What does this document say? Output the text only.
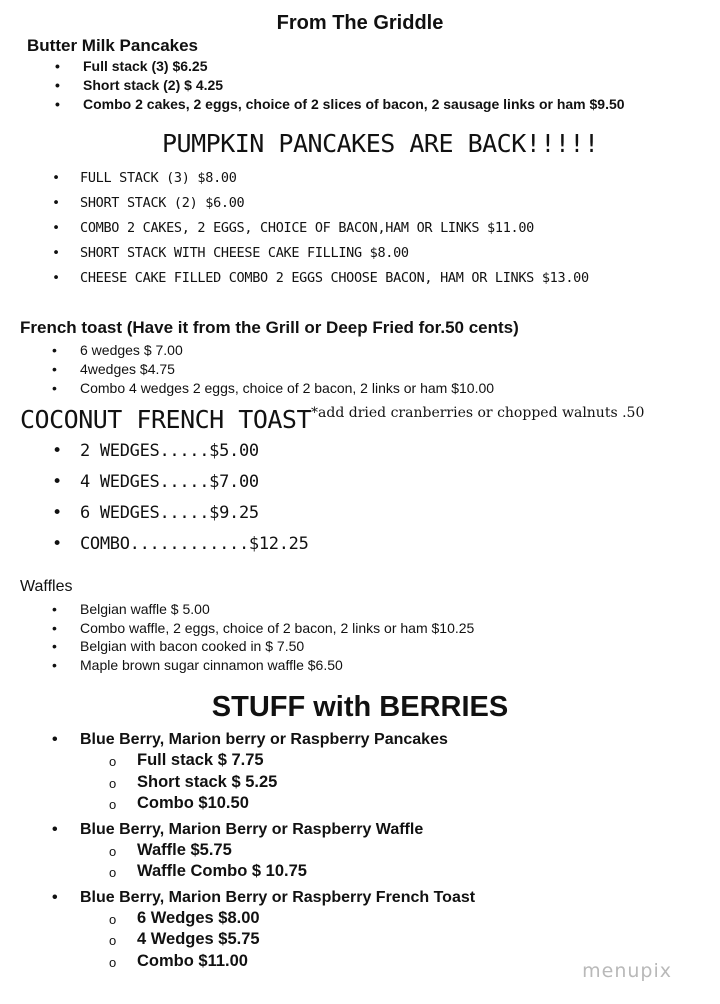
From The Griddle
Butter Milk Pancakes
• Full stack (3) $6.25
• Short stack (2) $ 4.25
• Combo 2 cakes, 2 eggs, choice of 2 slices of bacon, 2 sausage links or ham $9.50
PUMPKIN PANCAKES ARE BACK!!!!!
• FULL STACK (3) $8.00
• SHORT STACK (2) $6.00
• COMBO 2 CAKES, 2 EGGS, CHOICE OF BACON,HAM OR LINKS $11.00
• SHORT STACK WITH CHEESE CAKE FILLING $8.00
• CHEESE CAKE FILLED COMBO 2 EGGS CHOOSE BACON, HAM OR LINKS $13.00
French toast (Have it from the Grill or Deep Fried for.50 cents)
• 6 wedges $ 7.00
• 4wedges $4.75
• Combo 4 wedges 2 eggs, choice of 2 bacon, 2 links or ham $10.00
COCONUT FRENCH TOAST$^{*add dried cranberries or chopped walnuts .50}$
• 2 WEDGES.....$5.00
• 4 WEDGES.....$7.00
• 6 WEDGES.....$9.25
• COMBO............$12.25
Waffles
• Belgian waffle $ 5.00
• Combo waffle, 2 eggs, choice of 2 bacon, 2 links or ham $10.25
• Belgian with bacon cooked in $ 7.50
• Maple brown sugar cinnamon waffle $6.50
STUFF with BERRIES
• Blue Berry, Marion berry or Raspberry Pancakes
o Full stack $ 7.75
o Short stack $ 5.25
o Combo $10.50
• Blue Berry, Marion Berry or Raspberry Waffle
o Waffle $5.75
o Waffle Combo $ 10.75
• Blue Berry, Marion Berry or Raspberry French Toast
o 6 Wedges $8.00
o 4 Wedges $5.75
o Combo $11.00	menupix
